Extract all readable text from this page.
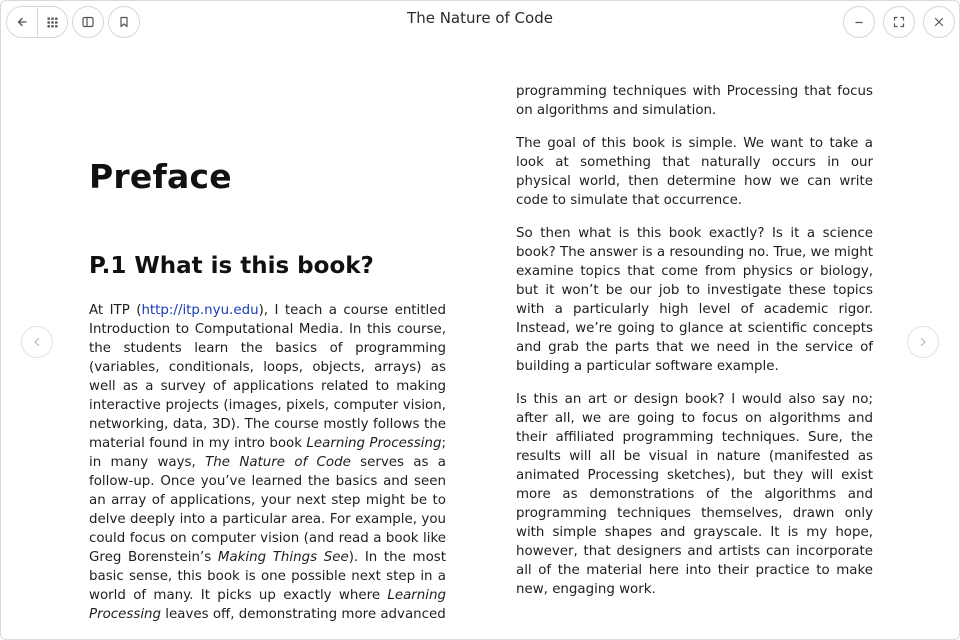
The Nature of Code
Preface
P.1 What is this book?

At ITP (http://itp.nyu.edu), I teach a course entitled Introduction to Computational Media. In this course, the students learn the basics of programming (variables, conditionals, loops, objects, arrays) as well as a survey of applications related to making interactive projects (images, pixels, computer vision, networking, data, 3D). The course mostly follows the material found in my intro book Learning Processing; in many ways, The Nature of Code serves as a follow-up. Once you’ve learned the basics and seen an array of applications, your next step might be to delve deeply into a particular area. For example, you could focus on computer vision (and read a book like Greg Borenstein’s Making Things See). In the most basic sense, this book is one possible next step in a world of many. It picks up exactly where Learning Processing leaves off, demonstrating more advanced

programming techniques with Processing that focus on algorithms and simulation.

The goal of this book is simple. We want to take a look at something that naturally occurs in our physical world, then determine how we can write code to simulate that occurrence.

So then what is this book exactly? Is it a science book? The answer is a resounding no. True, we might examine topics that come from physics or biology, but it won’t be our job to investigate these topics with a particularly high level of academic rigor. Instead, we’re going to glance at scientific concepts and grab the parts that we need in the service of building a particular software example.

Is this an art or design book? I would also say no; after all, we are going to focus on algorithms and their affiliated programming techniques. Sure, the results will all be visual in nature (manifested as animated Processing sketches), but they will exist more as demonstrations of the algorithms and programming techniques themselves, drawn only with simple shapes and grayscale. It is my hope, however, that designers and artists can incorporate all of the material here into their practice to make new, engaging work.
